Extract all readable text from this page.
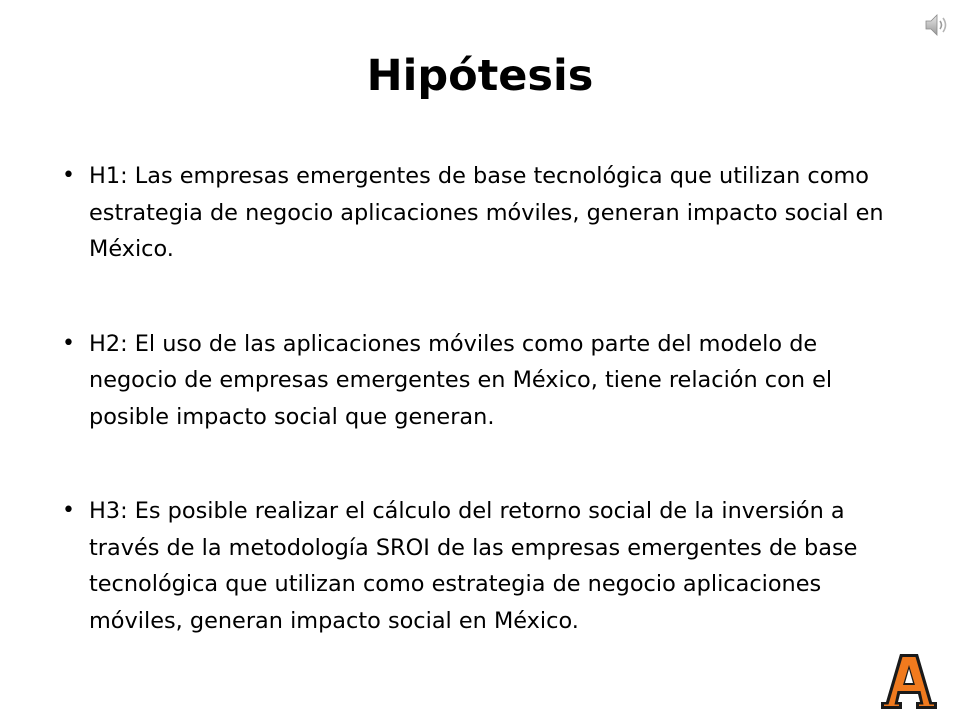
Hipótesis
• H1: Las empresas emergentes de base tecnológica que utilizan como estrategia de negocio aplicaciones móviles, generan impacto social en México.
• H2: El uso de las aplicaciones móviles como parte del modelo de negocio de empresas emergentes en México, tiene relación con el posible impacto social que generan.
• H3: Es posible realizar el cálculo del retorno social de la inversión a través de la metodología SROI de las empresas emergentes de base tecnológica que utilizan como estrategia de negocio aplicaciones móviles, generan impacto social en México.
